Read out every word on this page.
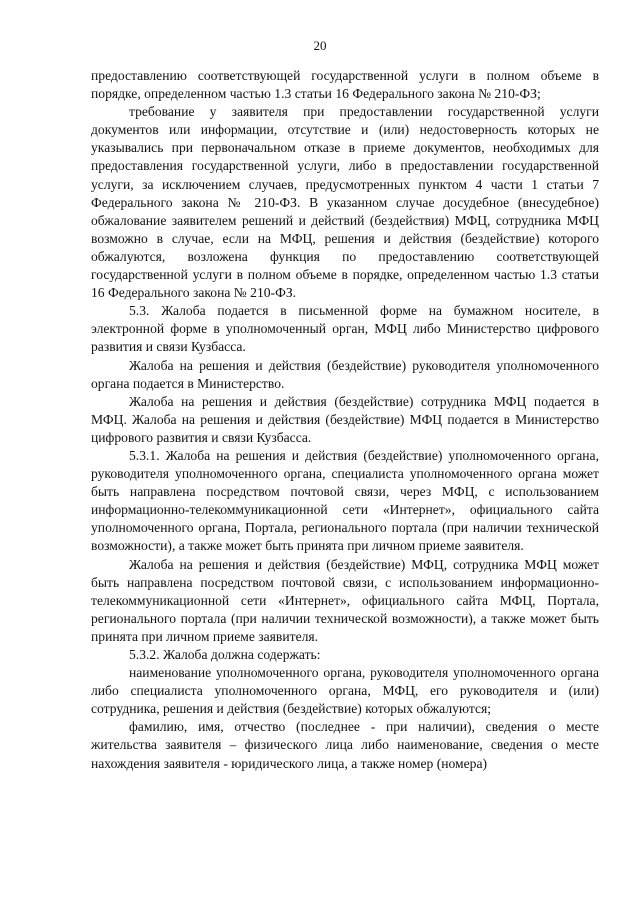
20

предоставлению соответствующей государственной услуги в полном объеме в порядке, определенном частью 1.3 статьи 16 Федерального закона № 210-ФЗ;

требование у заявителя при предоставлении государственной услуги документов или информации, отсутствие и (или) недостоверность которых не указывались при первоначальном отказе в приеме документов, необходимых для предоставления государственной услуги, либо в предоставлении государственной услуги, за исключением случаев, предусмотренных пунктом 4 части 1 статьи 7 Федерального закона № 210-ФЗ. В указанном случае досудебное (внесудебное) обжалование заявителем решений и действий (бездействия) МФЦ, сотрудника МФЦ возможно в случае, если на МФЦ, решения и действия (бездействие) которого обжалуются, возложена функция по предоставлению соответствующей государственной услуги в полном объеме в порядке, определенном частью 1.3 статьи 16 Федерального закона № 210-ФЗ.

5.3. Жалоба подается в письменной форме на бумажном носителе, в электронной форме в уполномоченный орган, МФЦ либо Министерство цифрового развития и связи Кузбасса.

Жалоба на решения и действия (бездействие) руководителя уполномоченного органа подается в Министерство.

Жалоба на решения и действия (бездействие) сотрудника МФЦ подается в МФЦ. Жалоба на решения и действия (бездействие) МФЦ подается в Министерство цифрового развития и связи Кузбасса.

5.3.1. Жалоба на решения и действия (бездействие) уполномоченного органа, руководителя уполномоченного органа, специалиста уполномоченного органа может быть направлена посредством почтовой связи, через МФЦ, с использованием информационно-телекоммуникационной сети «Интернет», официального сайта уполномоченного органа, Портала, регионального портала (при наличии технической возможности), а также может быть принята при личном приеме заявителя.

Жалоба на решения и действия (бездействие) МФЦ, сотрудника МФЦ может быть направлена посредством почтовой связи, с использованием информационно-телекоммуникационной сети «Интернет», официального сайта МФЦ, Портала, регионального портала (при наличии технической возможности), а также может быть принята при личном приеме заявителя.

5.3.2. Жалоба должна содержать:

наименование уполномоченного органа, руководителя уполномоченного органа либо специалиста уполномоченного органа, МФЦ, его руководителя и (или) сотрудника, решения и действия (бездействие) которых обжалуются;

фамилию, имя, отчество (последнее - при наличии), сведения о месте жительства заявителя – физического лица либо наименование, сведения о месте нахождения заявителя - юридического лица, а также номер (номера)
